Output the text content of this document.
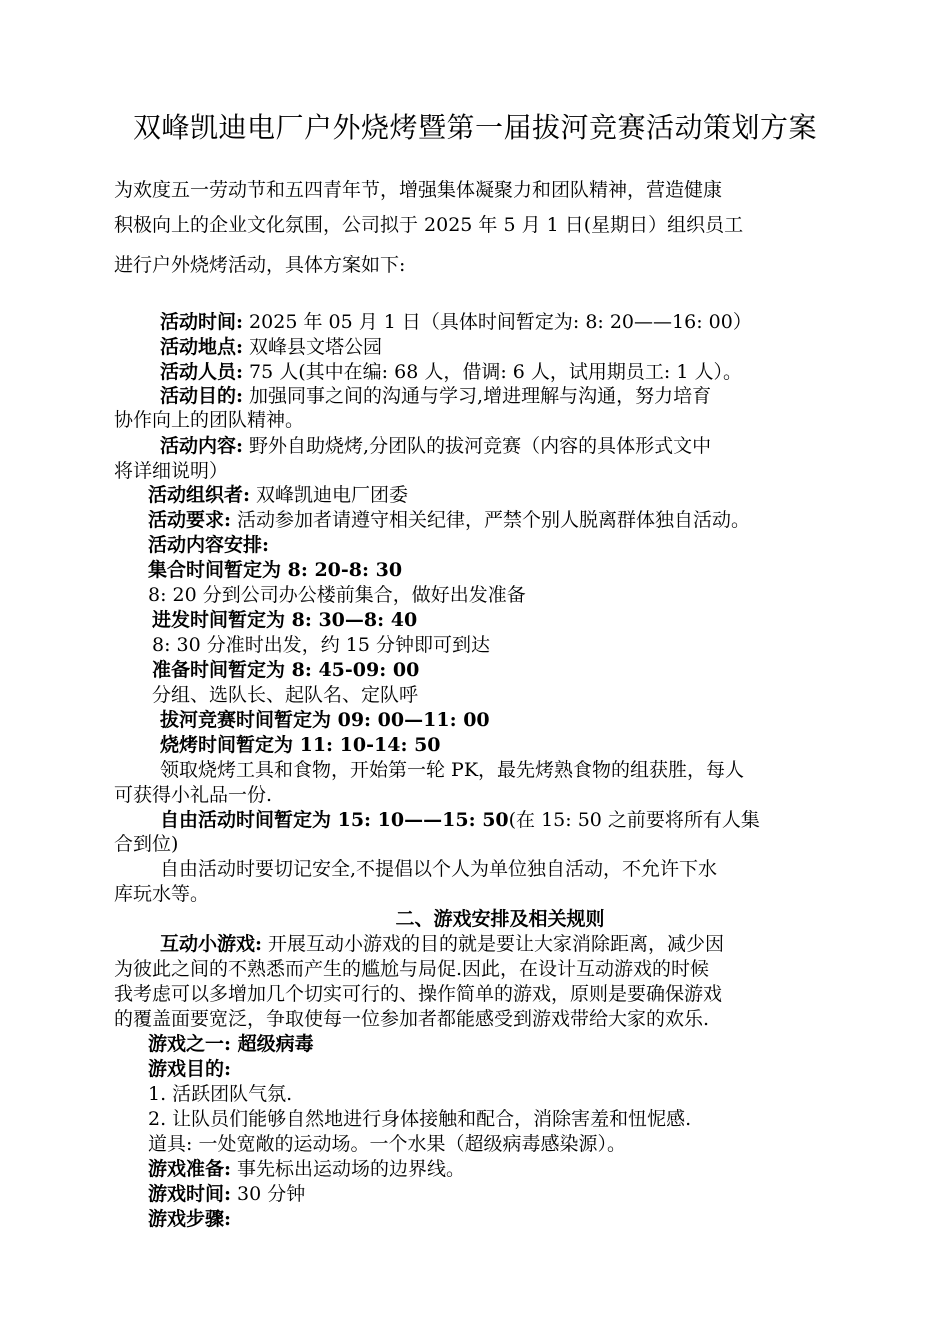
双峰凯迪电厂户外烧烤暨第一届拔河竞赛活动策划方案
为欢度五一劳动节和五四青年节，增强集体凝聚力和团队精神，营造健康
积极向上的企业文化氛围，公司拟于 2025 年 5 月 1 日(星期日）组织员工
进行户外烧烤活动，具体方案如下:
活动时间: 2025 年 05 月 1 日（具体时间暂定为: 8: 20——16: 00）
活动地点: 双峰县文塔公园
活动人员: 75 人(其中在编: 68 人，借调: 6 人，试用期员工: 1 人）。
活动目的: 加强同事之间的沟通与学习,增进理解与沟通，努力培育
协作向上的团队精神。
活动内容: 野外自助烧烤,分团队的拔河竞赛（内容的具体形式文中
将详细说明）
活动组织者: 双峰凯迪电厂团委
活动要求: 活动参加者请遵守相关纪律，严禁个别人脱离群体独自活动。
活动内容安排:
集合时间暂定为 8: 20-8: 30
8: 20 分到公司办公楼前集合，做好出发准备
进发时间暂定为 8: 30—8: 40
8: 30 分准时出发，约 15 分钟即可到达
准备时间暂定为 8: 45-09: 00
分组、选队长、起队名、定队呼
拔河竞赛时间暂定为 09: 00—11: 00
烧烤时间暂定为 11: 10-14: 50
领取烧烤工具和食物，开始第一轮 PK，最先烤熟食物的组获胜，每人
可获得小礼品一份.
自由活动时间暂定为 15: 10——15: 50(在 15: 50 之前要将所有人集
合到位)
自由活动时要切记安全,不提倡以个人为单位独自活动，不允许下水
库玩水等。
二、游戏安排及相关规则
互动小游戏: 开展互动小游戏的目的就是要让大家消除距离，减少因
为彼此之间的不熟悉而产生的尴尬与局促.因此，在设计互动游戏的时候
我考虑可以多增加几个切实可行的、操作简单的游戏，原则是要确保游戏
的覆盖面要宽泛，争取使每一位参加者都能感受到游戏带给大家的欢乐.
游戏之一: 超级病毒
游戏目的:
1. 活跃团队气氛.
2. 让队员们能够自然地进行身体接触和配合，消除害羞和忸怩感.
道具: 一处宽敞的运动场。一个水果（超级病毒感染源）。
游戏准备: 事先标出运动场的边界线。
游戏时间: 30 分钟
游戏步骤:
